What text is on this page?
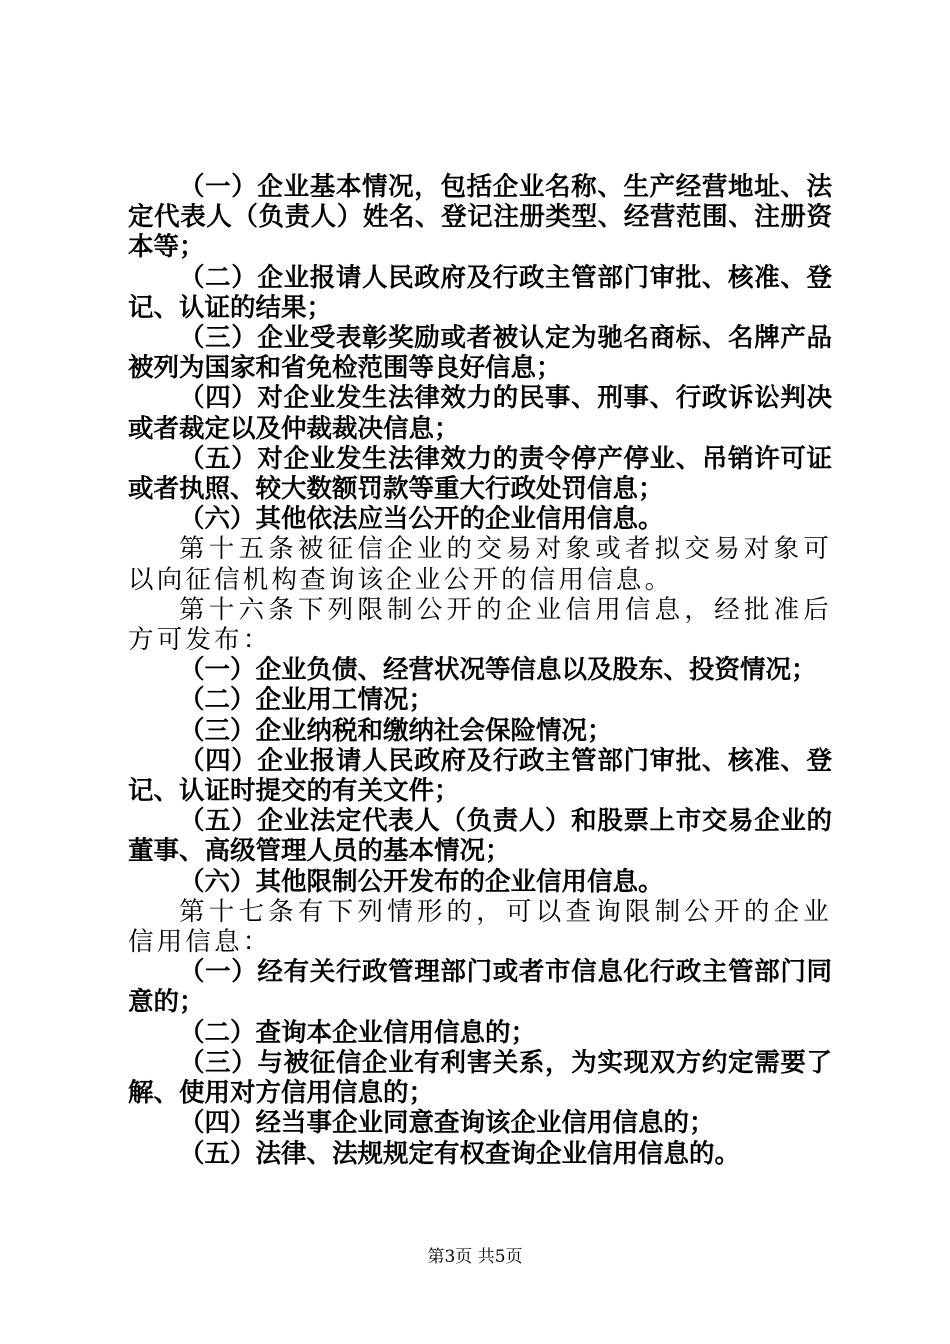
（一）企业基本情况，包括企业名称、生产经营地址、法定代表人（负责人）姓名、登记注册类型、经营范围、注册资本等；

（二）企业报请人民政府及行政主管部门审批、核准、登记、认证的结果；

（三）企业受表彰奖励或者被认定为驰名商标、名牌产品被列为国家和省免检范围等良好信息；

（四）对企业发生法律效力的民事、刑事、行政诉讼判决或者裁定以及仲裁裁决信息；

（五）对企业发生法律效力的责令停产停业、吊销许可证或者执照、较大数额罚款等重大行政处罚信息；

（六）其他依法应当公开的企业信用信息。

第十五条被征信企业的交易对象或者拟交易对象可以向征信机构查询该企业公开的信用信息。

第十六条下列限制公开的企业信用信息，经批准后方可发布：

（一）企业负债、经营状况等信息以及股东、投资情况；

（二）企业用工情况；

（三）企业纳税和缴纳社会保险情况；

（四）企业报请人民政府及行政主管部门审批、核准、登记、认证时提交的有关文件；

（五）企业法定代表人（负责人）和股票上市交易企业的董事、高级管理人员的基本情况；

（六）其他限制公开发布的企业信用信息。

第十七条有下列情形的，可以查询限制公开的企业信用信息：

（一）经有关行政管理部门或者市信息化行政主管部门同意的；

（二）查询本企业信用信息的；

（三）与被征信企业有利害关系，为实现双方约定需要了解、使用对方信用信息的；

（四）经当事企业同意查询该企业信用信息的；

（五）法律、法规规定有权查询企业信用信息的。

第3页 共5页
